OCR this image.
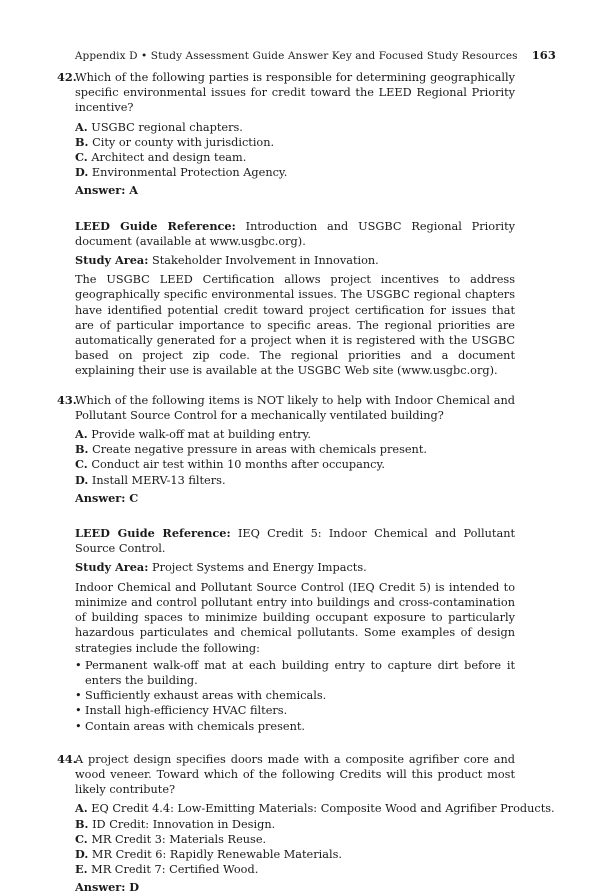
Appendix D • Study Assessment Guide Answer Key and Focused Study Resources 163
42.
Which of the following parties is responsible for determining geographically specific environmental issues for credit toward the LEED Regional Priority incentive?
A. USGBC regional chapters.
B. City or county with jurisdiction.
C. Architect and design team.
D. Environmental Protection Agency.
Answer: A
LEED Guide Reference: Introduction and USGBC Regional Priority document (available at www.usgbc.org).
Study Area: Stakeholder Involvement in Innovation.
The USGBC LEED Certification allows project incentives to address geographically specific environmental issues. The USGBC regional chapters have identified potential credit toward project certification for issues that are of particular importance to specific areas. The regional priorities are automatically generated for a project when it is registered with the USGBC based on project zip code. The regional priorities and a document explaining their use is available at the USGBC Web site (www.usgbc.org).
43.
Which of the following items is NOT likely to help with Indoor Chemical and Pollutant Source Control for a mechanically ventilated building?
A. Provide walk-off mat at building entry.
B. Create negative pressure in areas with chemicals present.
C. Conduct air test within 10 months after occupancy.
D. Install MERV-13 filters.
Answer: C
LEED Guide Reference: IEQ Credit 5: Indoor Chemical and Pollutant Source Control.
Study Area: Project Systems and Energy Impacts.
Indoor Chemical and Pollutant Source Control (IEQ Credit 5) is intended to minimize and control pollutant entry into buildings and cross-contamination of building spaces to minimize building occupant exposure to particularly hazardous particulates and chemical pollutants. Some examples of design strategies include the following:
• Permanent walk-off mat at each building entry to capture dirt before it enters the building.
• Sufficiently exhaust areas with chemicals.
• Install high-efficiency HVAC filters.
• Contain areas with chemicals present.
44.
A project design specifies doors made with a composite agrifiber core and wood veneer. Toward which of the following Credits will this product most likely contribute?
A. EQ Credit 4.4: Low-Emitting Materials: Composite Wood and Agrifiber Products.
B. ID Credit: Innovation in Design.
C. MR Credit 3: Materials Reuse.
D. MR Credit 6: Rapidly Renewable Materials.
E. MR Credit 7: Certified Wood.
Answer: D
